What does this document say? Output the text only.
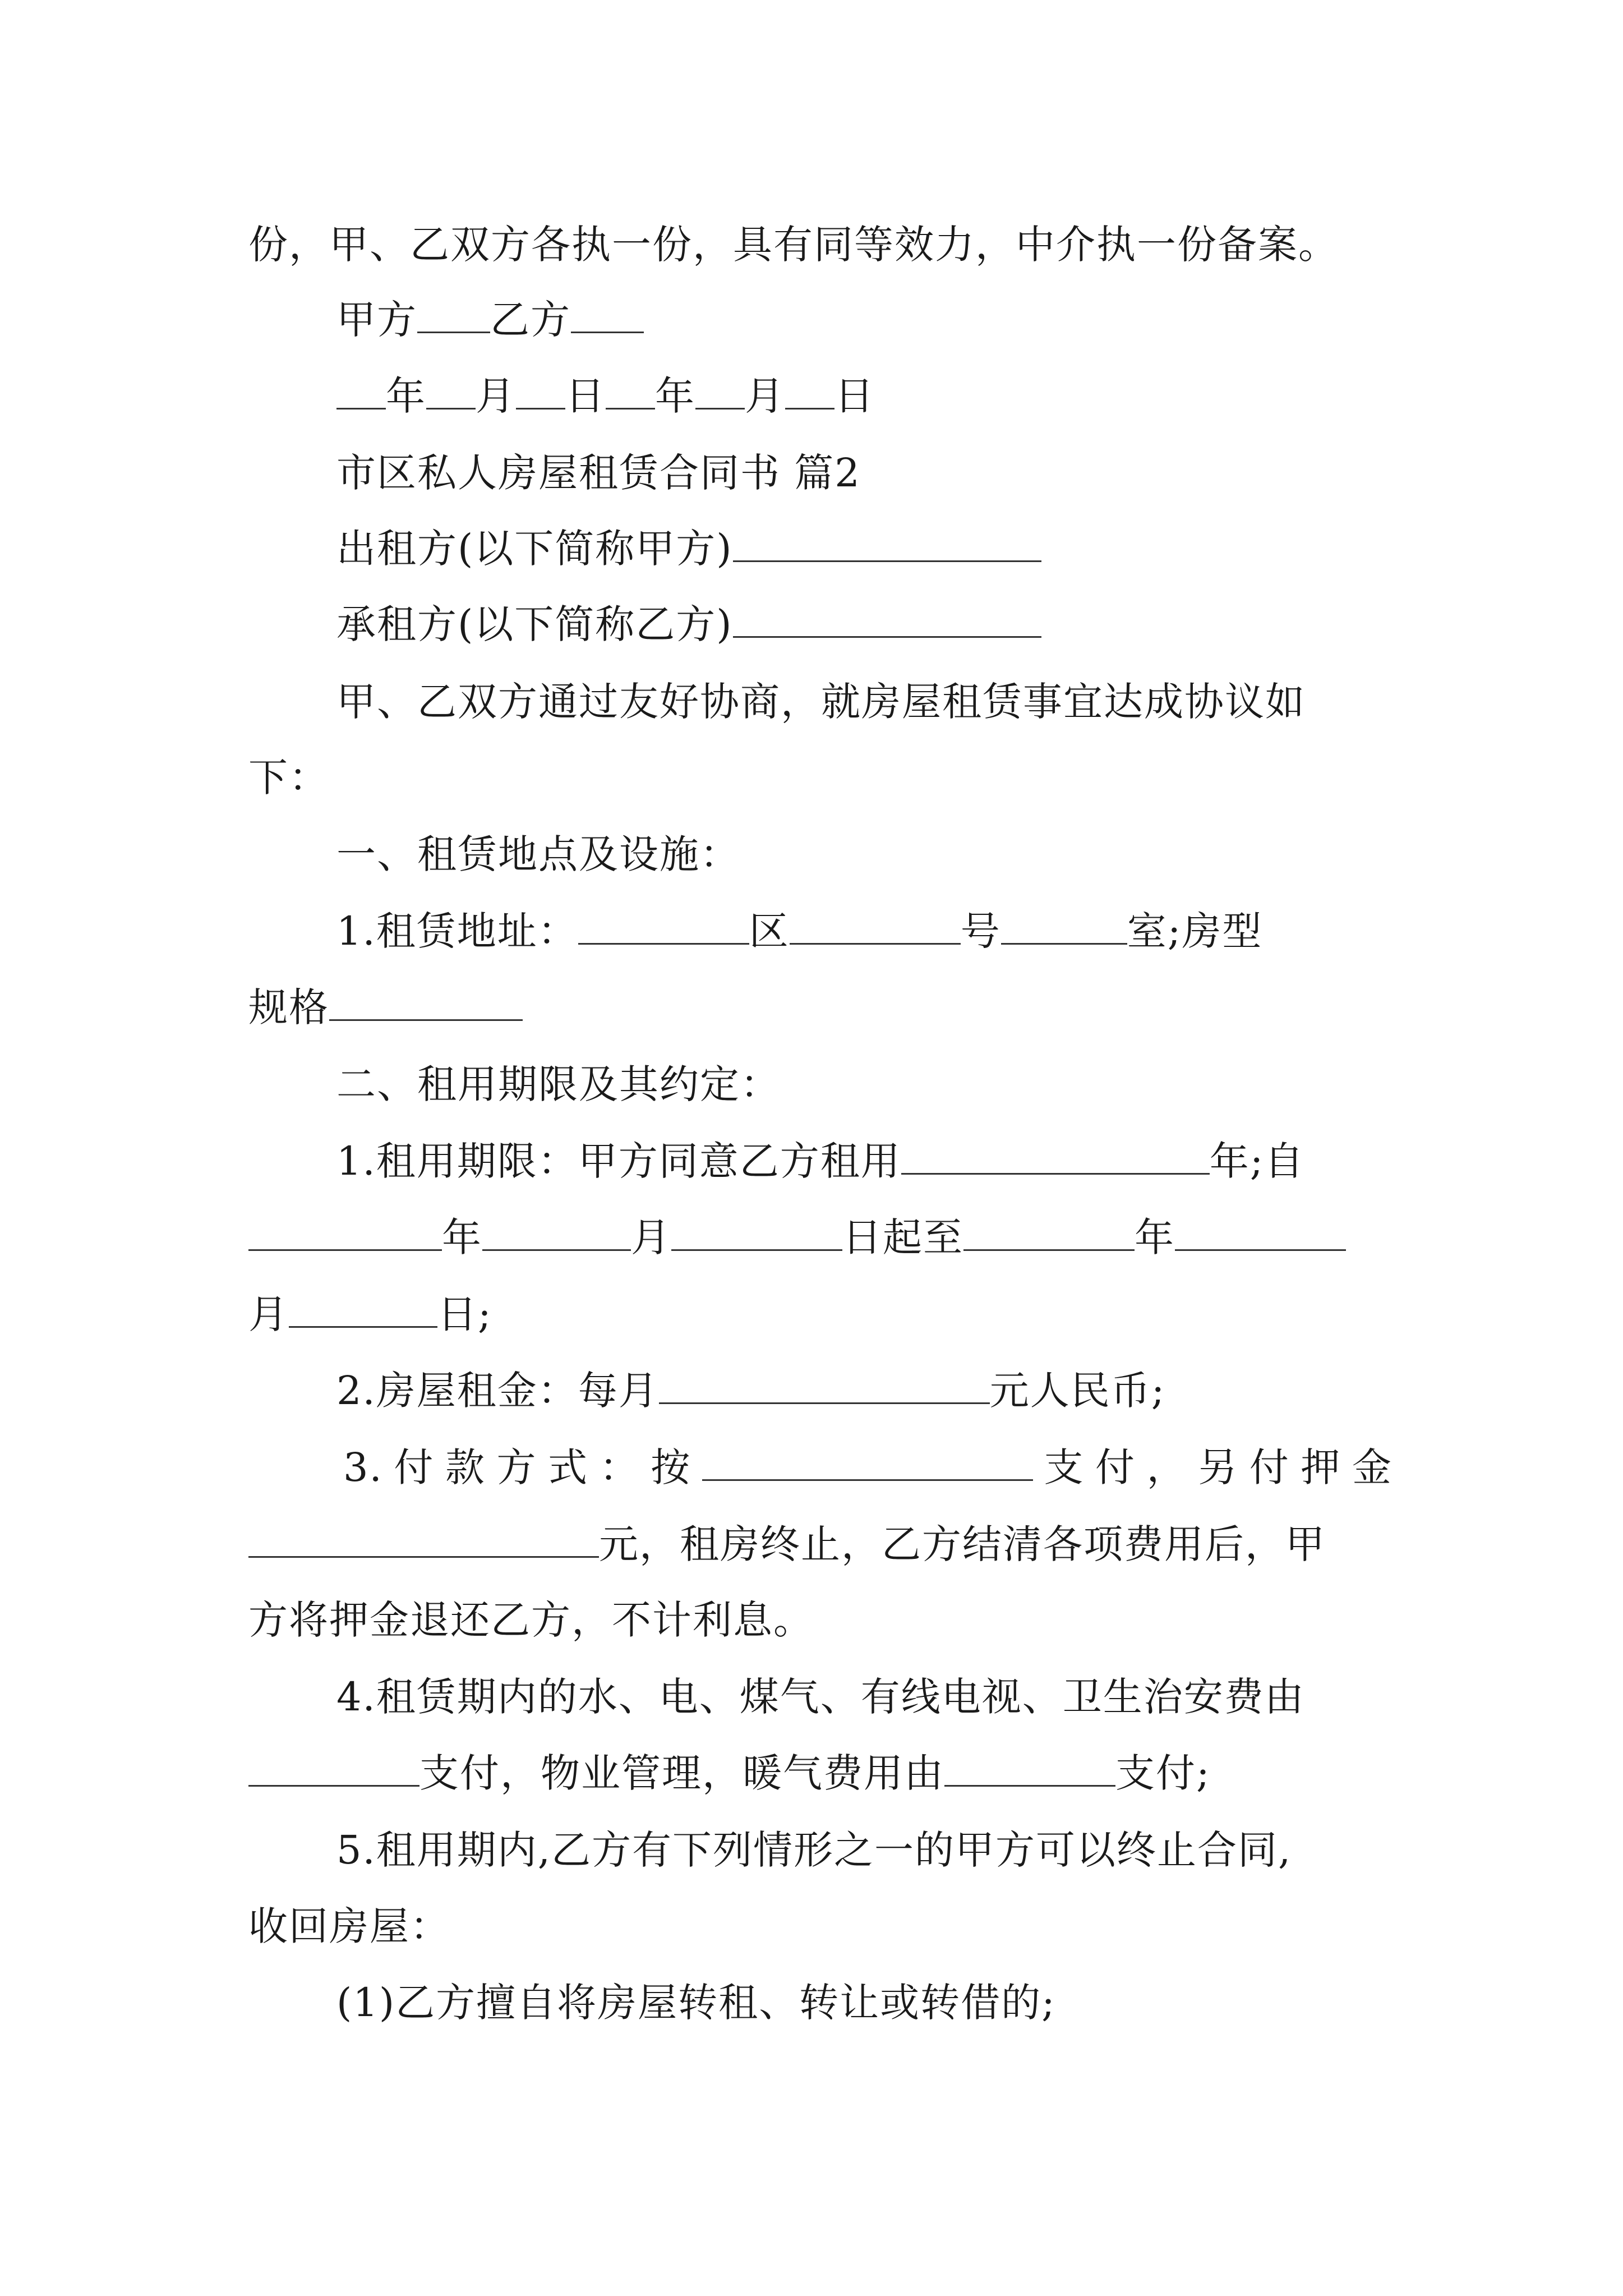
份，甲、乙双方各执一份，具有同等效力，中介执一份备案。
甲方 乙方
年 月 日 年 月 日
市区私人房屋租赁合同书 篇2
出租方(以下简称甲方)
承租方(以下简称乙方)
甲、乙双方通过友好协商，就房屋租赁事宜达成协议如
下：
一、租赁地点及设施：
1.租赁地址：	区	号	室;房型
规格
二、租用期限及其约定：
1.租用期限：甲方同意乙方租用	年;自
年	月	日起至	年
月	日;
2.房屋租金：每月	元人民币;
3.付款方式：按	支付，另付押金
元，租房终止，乙方结清各项费用后，甲
方将押金退还乙方，不计利息。
4.租赁期内的水、电、煤气、有线电视、卫生治安费由
支付，物业管理，暖气费用由	支付;
5.租用期内,乙方有下列情形之一的甲方可以终止合同,
收回房屋：
(1)乙方擅自将房屋转租、转让或转借的;
